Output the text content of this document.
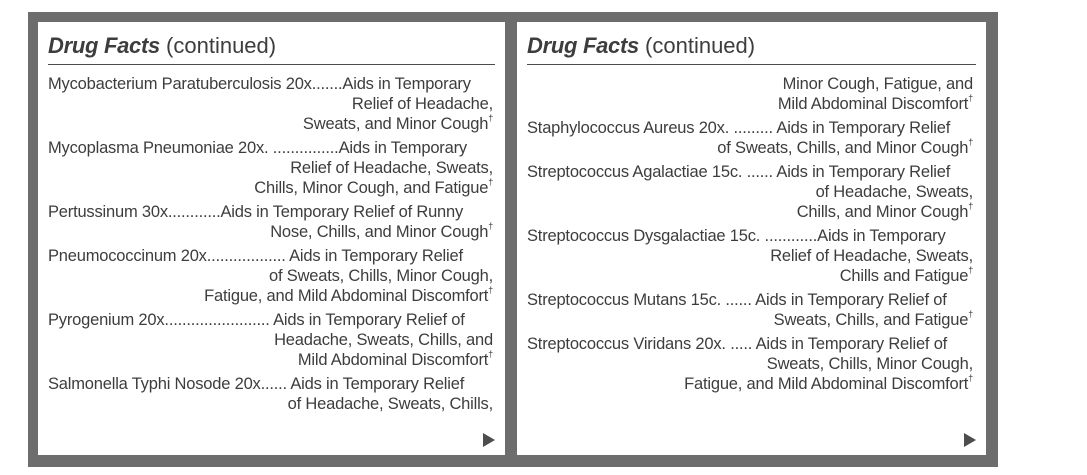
Drug Facts (continued)
Mycobacterium Paratuberculosis 20x.......Aids in Temporary
Relief of Headache,
Sweats, and Minor Cough†
Mycoplasma Pneumoniae 20x. ...............Aids in Temporary
Relief of Headache, Sweats,
Chills, Minor Cough, and Fatigue†
Pertussinum 30x............Aids in Temporary Relief of Runny
Nose, Chills, and Minor Cough†
Pneumococcinum 20x.................. Aids in Temporary Relief
of Sweats, Chills, Minor Cough,
Fatigue, and Mild Abdominal Discomfort†
Pyrogenium 20x........................ Aids in Temporary Relief of
Headache, Sweats, Chills, and
Mild Abdominal Discomfort†
Salmonella Typhi Nosode 20x...... Aids in Temporary Relief
of Headache, Sweats, Chills,
Drug Facts (continued)
Minor Cough, Fatigue, and
Mild Abdominal Discomfort†
Staphylococcus Aureus 20x. ......... Aids in Temporary Relief
of Sweats, Chills, and Minor Cough†
Streptococcus Agalactiae 15c. ...... Aids in Temporary Relief
of Headache, Sweats,
Chills, and Minor Cough†
Streptococcus Dysgalactiae 15c. ............Aids in Temporary
Relief of Headache, Sweats,
Chills and Fatigue†
Streptococcus Mutans 15c. ...... Aids in Temporary Relief of
Sweats, Chills, and Fatigue†
Streptococcus Viridans 20x. ..... Aids in Temporary Relief of
Sweats, Chills, Minor Cough,
Fatigue, and Mild Abdominal Discomfort†
